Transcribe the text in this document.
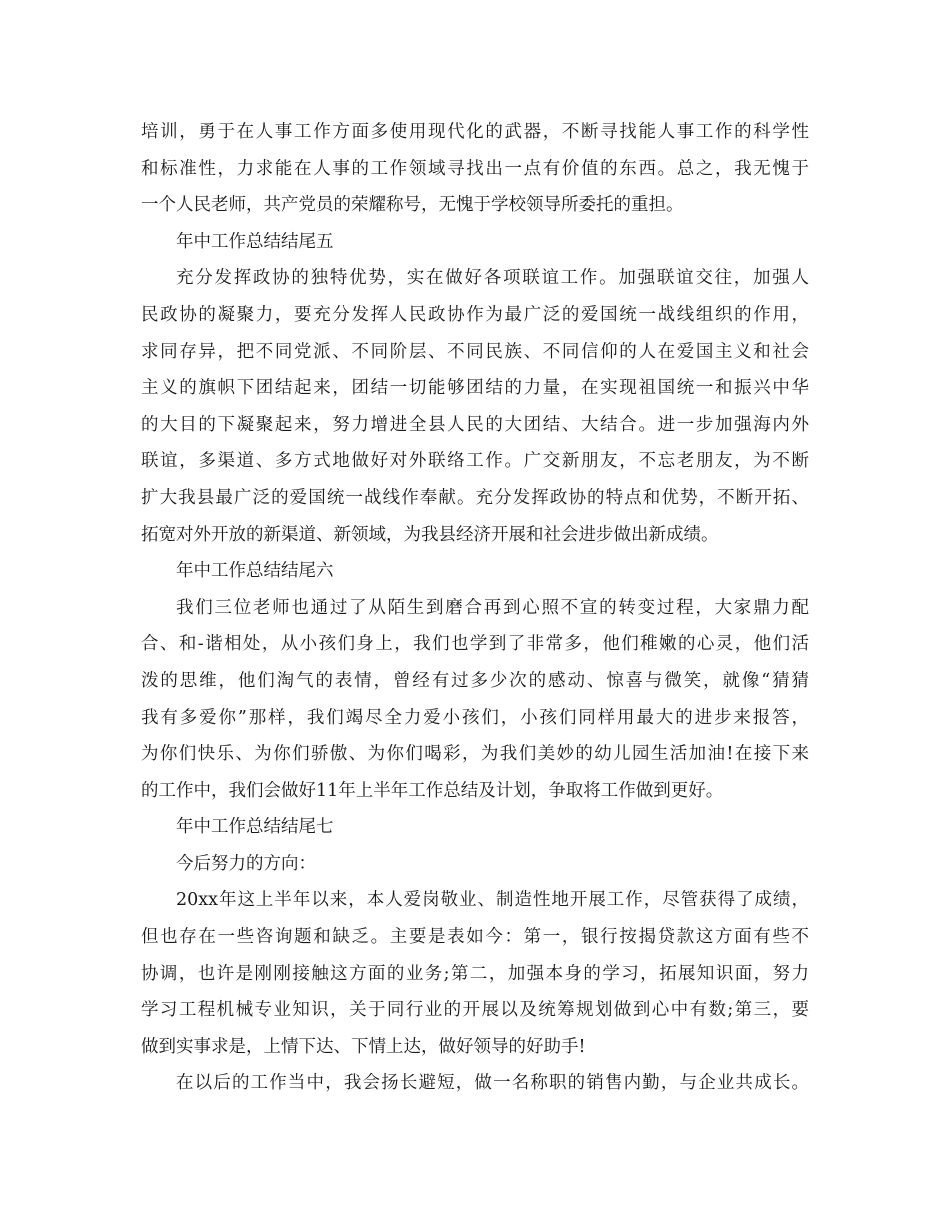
培训，勇于在人事工作方面多使用现代化的武器，不断寻找能人事工作的科学性
和标准性，力求能在人事的工作领域寻找出一点有价值的东西。总之，我无愧于
一个人民老师，共产党员的荣耀称号，无愧于学校领导所委托的重担。
年中工作总结结尾五
充分发挥政协的独特优势，实在做好各项联谊工作。加强联谊交往，加强人
民政协的凝聚力，要充分发挥人民政协作为最广泛的爱国统一战线组织的作用，
求同存异，把不同党派、不同阶层、不同民族、不同信仰的人在爱国主义和社会
主义的旗帜下团结起来，团结一切能够团结的力量，在实现祖国统一和振兴中华
的大目的下凝聚起来，努力增进全县人民的大团结、大结合。进一步加强海内外
联谊，多渠道、多方式地做好对外联络工作。广交新朋友，不忘老朋友，为不断
扩大我县最广泛的爱国统一战线作奉献。充分发挥政协的特点和优势，不断开拓、
拓宽对外开放的新渠道、新领域，为我县经济开展和社会进步做出新成绩。
年中工作总结结尾六
我们三位老师也通过了从陌生到磨合再到心照不宣的转变过程，大家鼎力配
合、和-谐相处，从小孩们身上，我们也学到了非常多，他们稚嫩的心灵，他们活
泼的思维，他们淘气的表情，曾经有过多少次的感动、惊喜与微笑，就像“猜猜
我有多爱你”那样，我们竭尽全力爱小孩们，小孩们同样用最大的进步来报答，
为你们快乐、为你们骄傲、为你们喝彩，为我们美妙的幼儿园生活加油!在接下来
的工作中，我们会做好11年上半年工作总结及计划，争取将工作做到更好。
年中工作总结结尾七
今后努力的方向：
20xx年这上半年以来，本人爱岗敬业、制造性地开展工作，尽管获得了成绩，
但也存在一些咨询题和缺乏。主要是表如今：第一，银行按揭贷款这方面有些不
协调，也许是刚刚接触这方面的业务;第二，加强本身的学习，拓展知识面，努力
学习工程机械专业知识，关于同行业的开展以及统筹规划做到心中有数;第三，要
做到实事求是，上情下达、下情上达，做好领导的好助手!
在以后的工作当中，我会扬长避短，做一名称职的销售内勤，与企业共成长。
